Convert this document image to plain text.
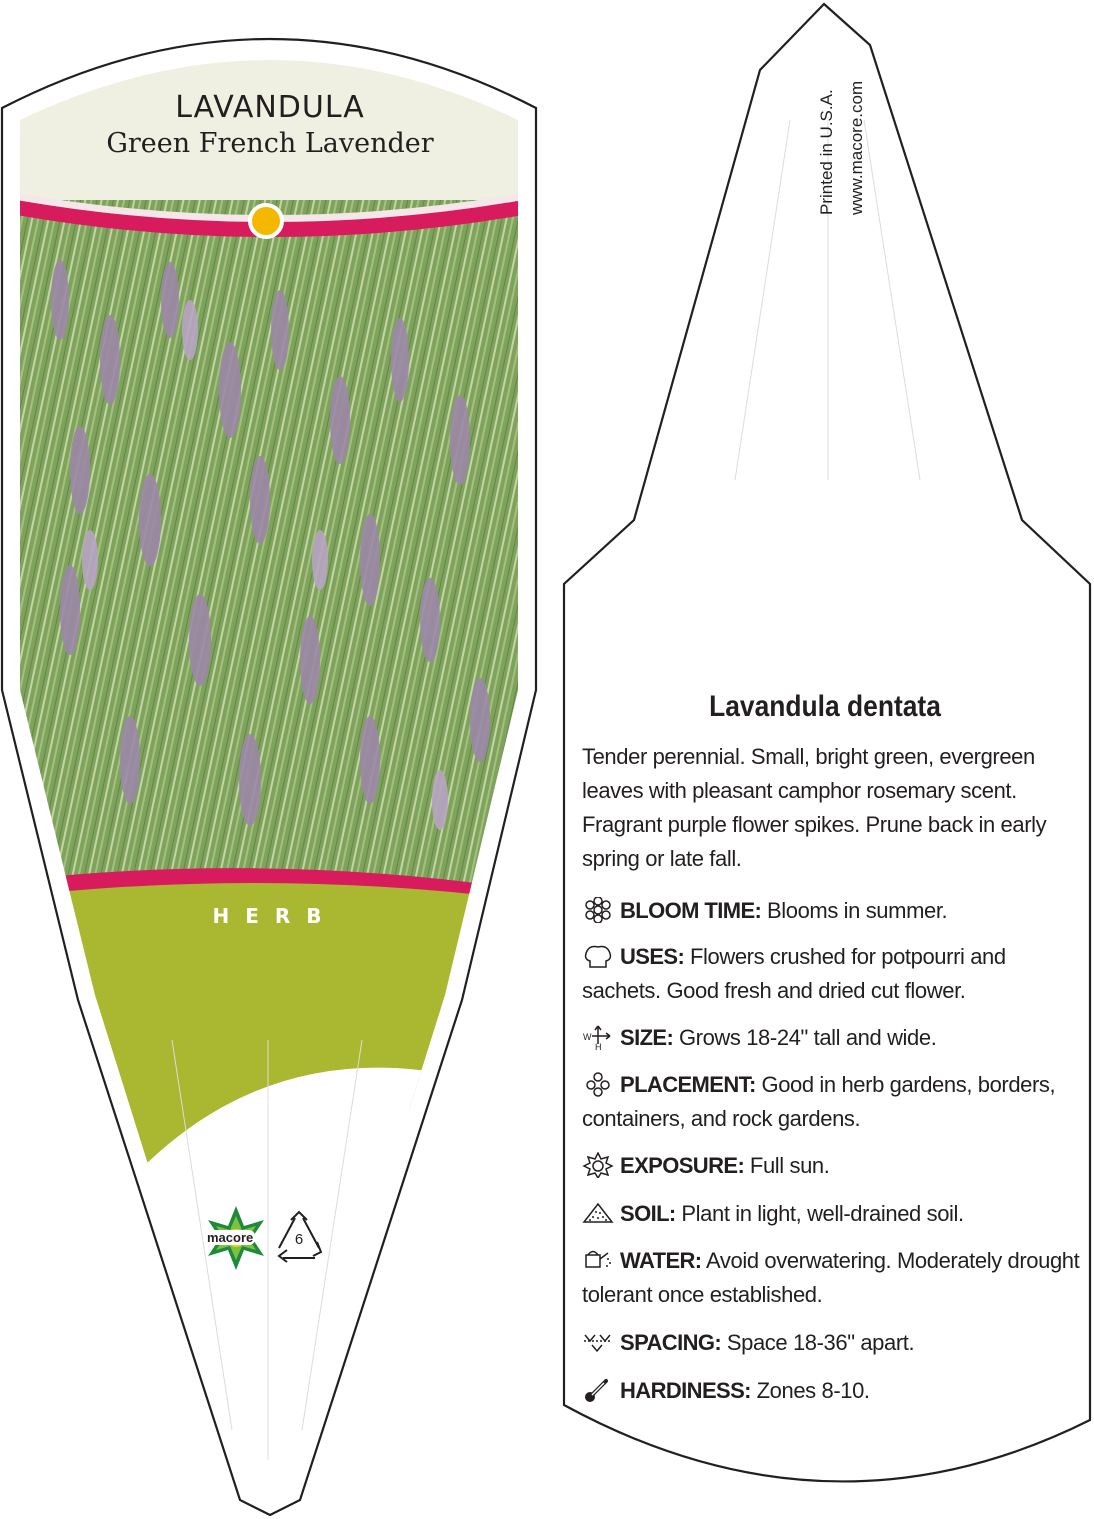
LAVANDULA
Green French Lavender
HERB
macore	6
Printed in U.S.A. www.macore.com
Lavandula dentata
Tender perennial. Small, bright green, evergreen leaves with pleasant camphor rosemary scent. Fragrant purple flower spikes. Prune back in early spring or late fall.
BLOOM TIME: Blooms in summer.
USES: Flowers crushed for potpourri and sachets. Good fresh and dried cut flower.
W
H SIZE: Grows 18-24" tall and wide.
PLACEMENT: Good in herb gardens, borders, containers, and rock gardens.
EXPOSURE: Full sun.
SOIL: Plant in light, well-drained soil.
WATER: Avoid overwatering. Moderately drought tolerant once established.
SPACING: Space 18-36" apart.
HARDINESS: Zones 8-10.
